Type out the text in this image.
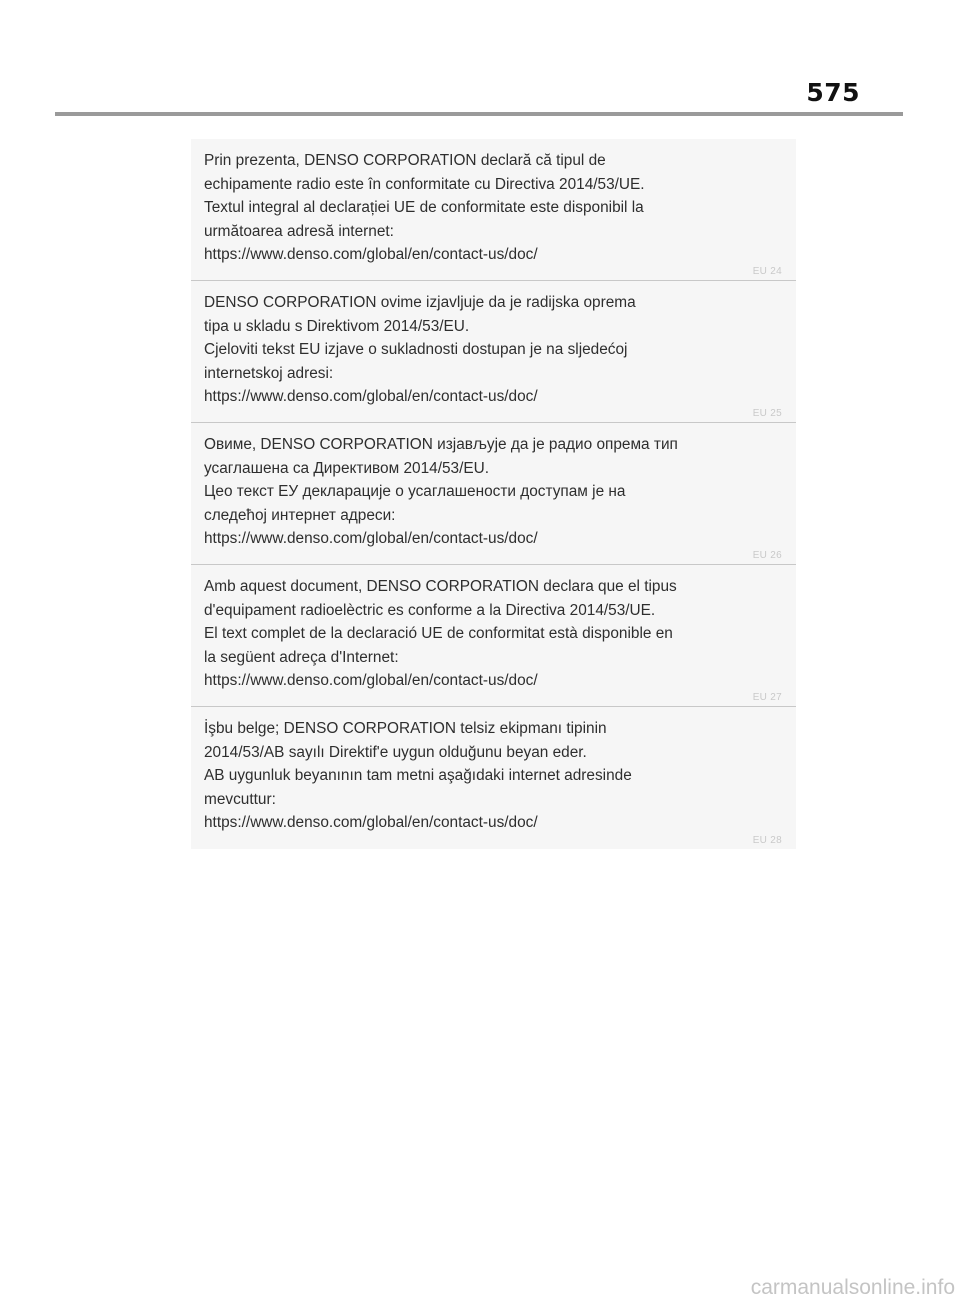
575
Prin prezenta, DENSO CORPORATION declară că tipul de
echipamente radio este în conformitate cu Directiva 2014/53/UE.
Textul integral al declarației UE de conformitate este disponibil la
următoarea adresă internet:
https://www.denso.com/global/en/contact-us/doc/
EU 24
DENSO CORPORATION ovime izjavljuje da je radijska oprema
tipa u skladu s Direktivom 2014/53/EU.
Cjeloviti tekst EU izjave o sukladnosti dostupan je na sljedećoj
internetskoj adresi:
https://www.denso.com/global/en/contact-us/doc/
EU 25
Овиме, DENSO CORPORATION изјављује да је радио опрема тип
усаглашена са Директивом 2014/53/EU.
Цео текст ЕУ декларације о усаглашености доступам је на
следећој интернет адреси:
https://www.denso.com/global/en/contact-us/doc/
EU 26
Amb aquest document, DENSO CORPORATION declara que el tipus
d'equipament radioelèctric es conforme a la Directiva 2014/53/UE.
El text complet de la declaració UE de conformitat està disponible en
la següent adreça d'Internet:
https://www.denso.com/global/en/contact-us/doc/
EU 27
İşbu belge; DENSO CORPORATION telsiz ekipmanı tipinin
2014/53/AB sayılı Direktif'e uygun olduğunu beyan eder.
AB uygunluk beyanının tam metni aşağıdaki internet adresinde
mevcuttur:
https://www.denso.com/global/en/contact-us/doc/
EU 28
carmanualsonline.info
